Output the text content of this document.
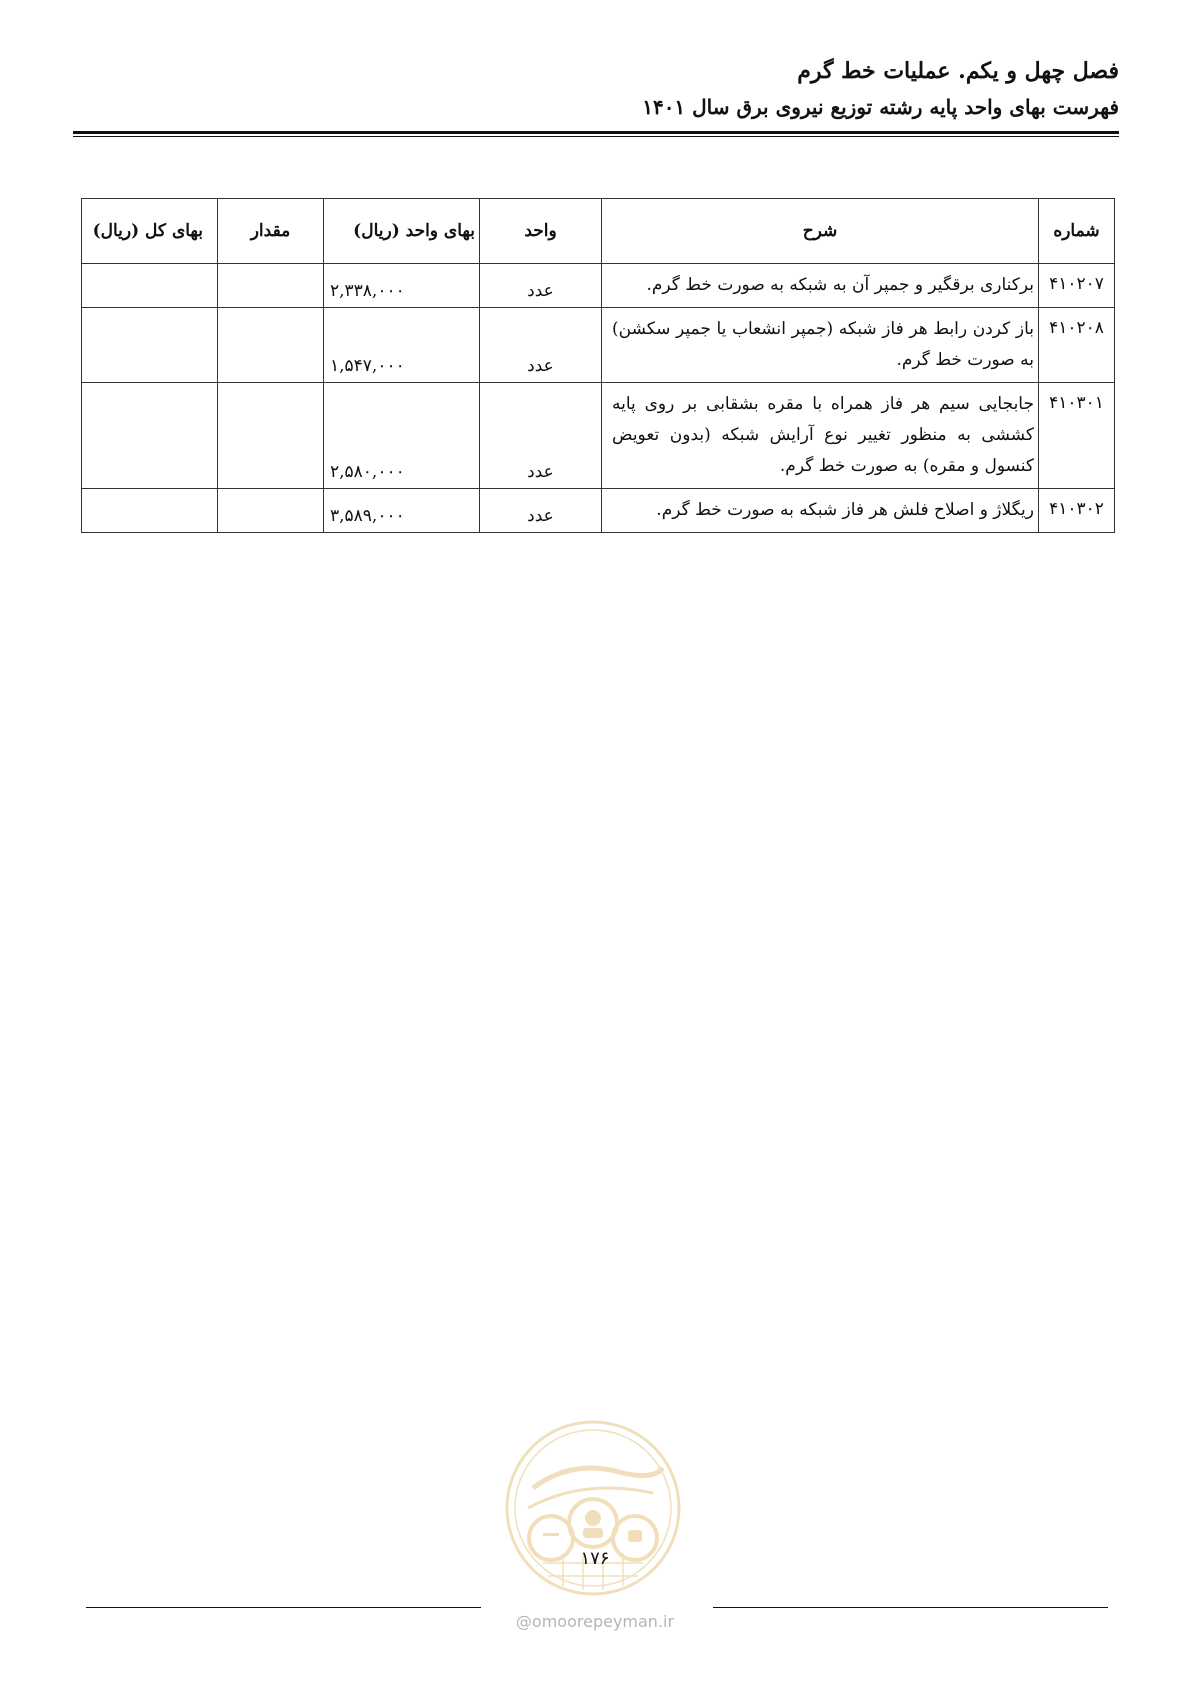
فصل چهل و یکم. عملیات خط گرم
فهرست بهای واحد پایه رشته توزیع نیروی برق سال ۱۴۰۱
شماره	شرح	واحد	بهای واحد (ریال)	مقدار	بهای کل (ریال)
۴۱۰۲۰۷	برکناری برقگیر و جمپر آن به شبکه به صورت خط گرم.	عدد	۲,۳۳۸,۰۰۰		
۴۱۰۲۰۸	باز کردن رابط هر فاز شبکه (جمپر انشعاب یا جمپر سکشن) به صورت خط گرم.	عدد	۱,۵۴۷,۰۰۰		
۴۱۰۳۰۱	جابجایی سیم هر فاز همراه با مقره بشقابی بر روی پایه کششی به منظور تغییر نوع آرایش شبکه (بدون تعویض کنسول و مقره) به صورت خط گرم.	عدد	۲,۵۸۰,۰۰۰		
۴۱۰۳۰۲	ریگلاژ و اصلاح فلش هر فاز شبکه به صورت خط گرم.	عدد	۳,۵۸۹,۰۰۰		
۱۷۶
@omoorepeyman.ir
